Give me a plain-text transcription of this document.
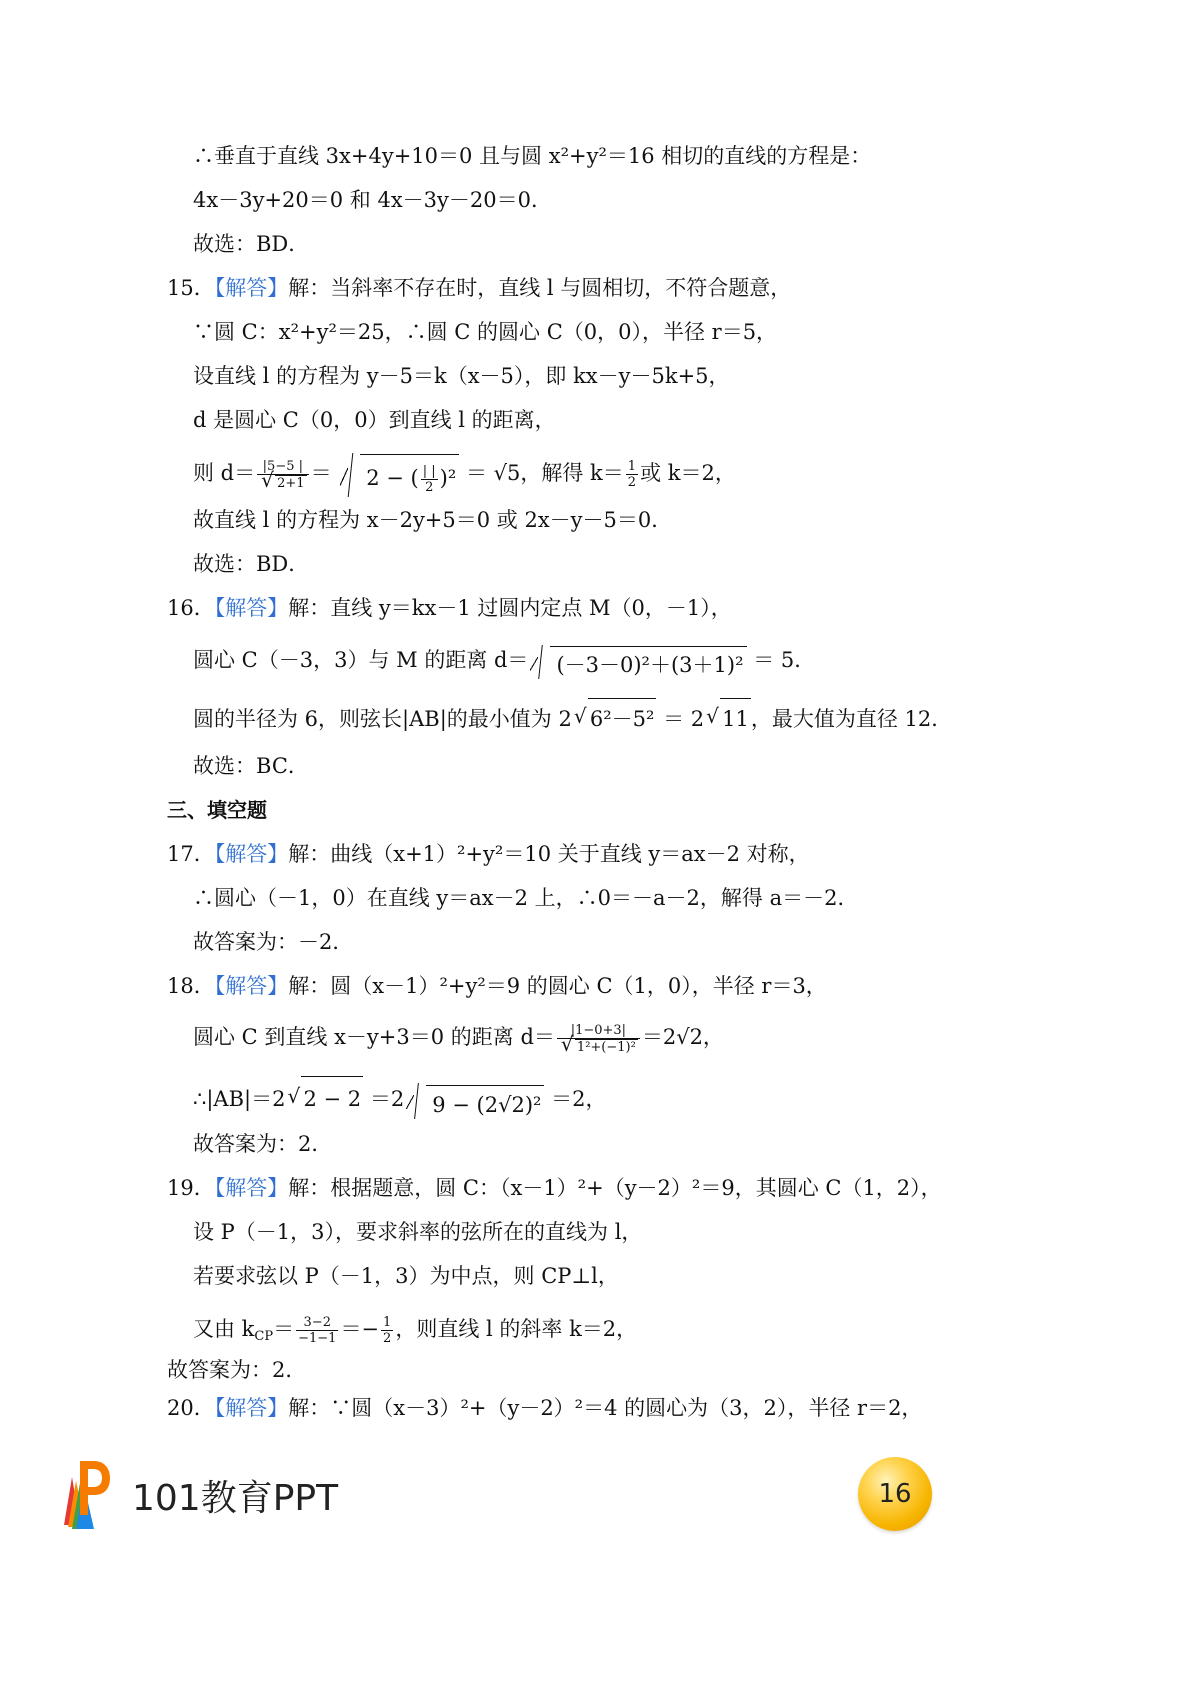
∴垂直于直线 3x+4y+10＝0 且与圆 x²+y²＝16 相切的直线的方程是：
4x－3y+20＝0 和 4x－3y－20＝0．
故选：BD．
15．【解答】解：当斜率不存在时，直线 l 与圆相切，不符合题意，
∵圆 C：x²+y²＝25，∴圆 C 的圆心 C（0，0），半径 r＝5，
设直线 l 的方程为 y－5＝k（x－5），即 kx－y－5k+5，
d 是圆心 C（0，0）到直线 l 的距离，
则 d＝ |5−5 |
√ 2+1 ＝ 2 − ( $\frac{| |}{2} )^2 = √5$，解得 $k= \frac{1}{2}$ 或 k＝2，
故直线 l 的方程为 x－2y+5＝0 或 2x－y－5＝0．
故选：BD．
16．【解答】解：直线 y＝kx－1 过圆内定点 M（0，－1），
圆心 C（－3，3）与 M 的距离 d＝ (－3－0)²＋(3＋1)² ＝ 5．
圆的半径为 6，则弦长|AB|的最小值为 2 √ 6²－5² ＝ 2 √ 11，最大值为直径 12．
故选：BC．
三、填空题
17．【解答】解：曲线（x+1）²+y²＝10 关于直线 y＝ax－2 对称，
∴圆心（－1，0）在直线 y＝ax－2 上，∴0＝－a－2，解得 a＝－2．
故答案为：－2．
18．【解答】解：圆（x－1）²+y²＝9 的圆心 C（1，0），半径 r＝3，
圆心 C 到直线 x－y+3＝0 的距离 d＝ |1−0+3|
√ 1²+(−1)² ＝2√2，
∴|AB|＝2 √ 2 − 2 ＝2 9 − (2√2)² ＝2，
故答案为：2．
19．【解答】解：根据题意，圆 C：（x－1）²+（y－2）²＝9，其圆心 C（1，2），
设 P（－1，3），要求斜率的弦所在的直线为 l，
若要求弦以 P（－1，3）为中点，则 CP⊥l，
又由 $k_{CP}= \frac{3-2}{-1-1} =- \frac{1}{2}$ ，则直线 l 的斜率 k＝2，
故答案为：2．
20．【解答】解：∵圆（x－3）²+（y－2）²＝4 的圆心为（3，2），半径 r＝2，
101教育PPT	16
